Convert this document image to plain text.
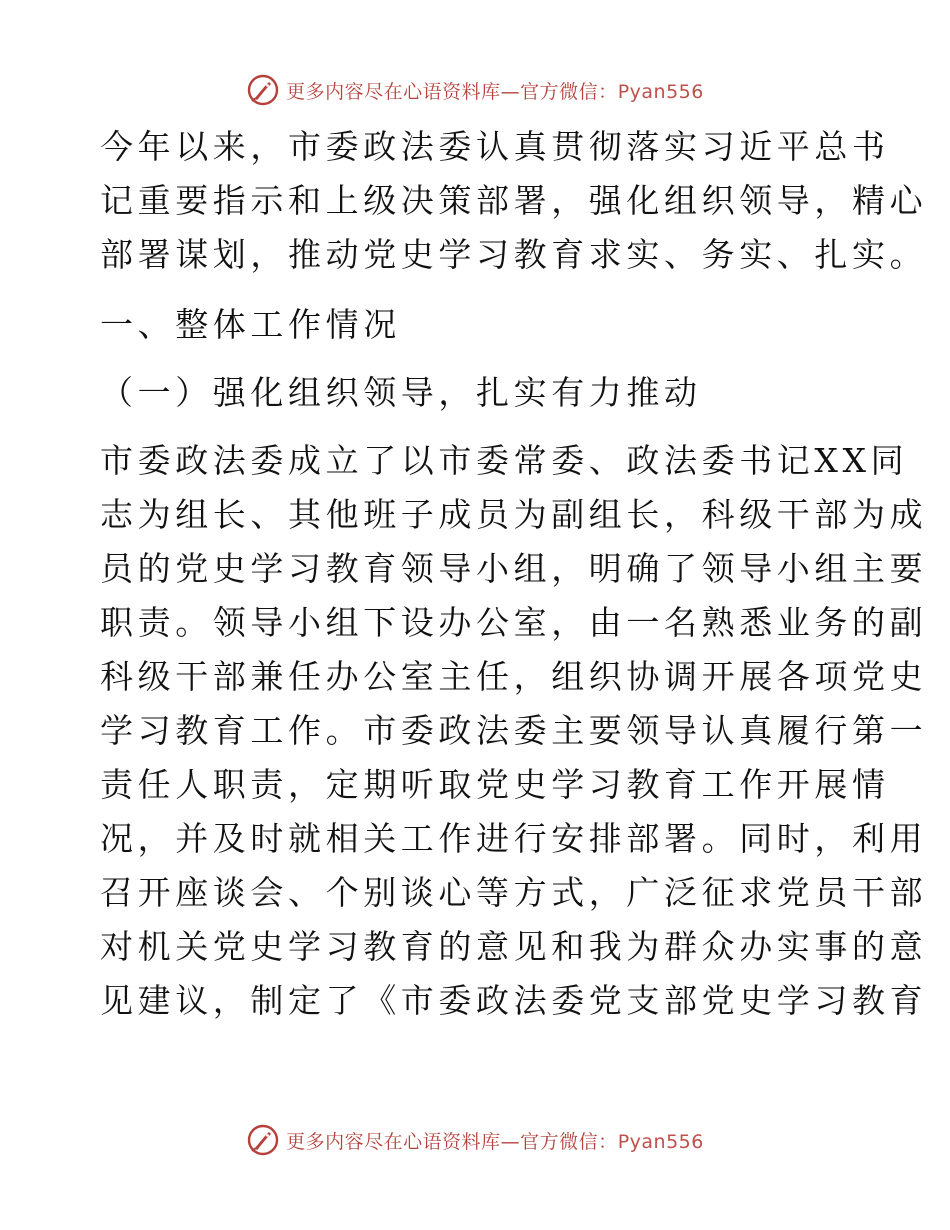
更多内容尽在心语资料库—官方微信：Pyan556
今年以来，市委政法委认真贯彻落实习近平总书
记重要指示和上级决策部署，强化组织领导，精心
部署谋划，推动党史学习教育求实、务实、扎实。
一、整体工作情况
（一）强化组织领导，扎实有力推动
市委政法委成立了以市委常委、政法委书记XX同
志为组长、其他班子成员为副组长，科级干部为成
员的党史学习教育领导小组，明确了领导小组主要
职责。领导小组下设办公室，由一名熟悉业务的副
科级干部兼任办公室主任，组织协调开展各项党史
学习教育工作。市委政法委主要领导认真履行第一
责任人职责，定期听取党史学习教育工作开展情
况，并及时就相关工作进行安排部署。同时，利用
召开座谈会、个别谈心等方式，广泛征求党员干部
对机关党史学习教育的意见和我为群众办实事的意
见建议，制定了《市委政法委党支部党史学习教育
更多内容尽在心语资料库—官方微信：Pyan556
